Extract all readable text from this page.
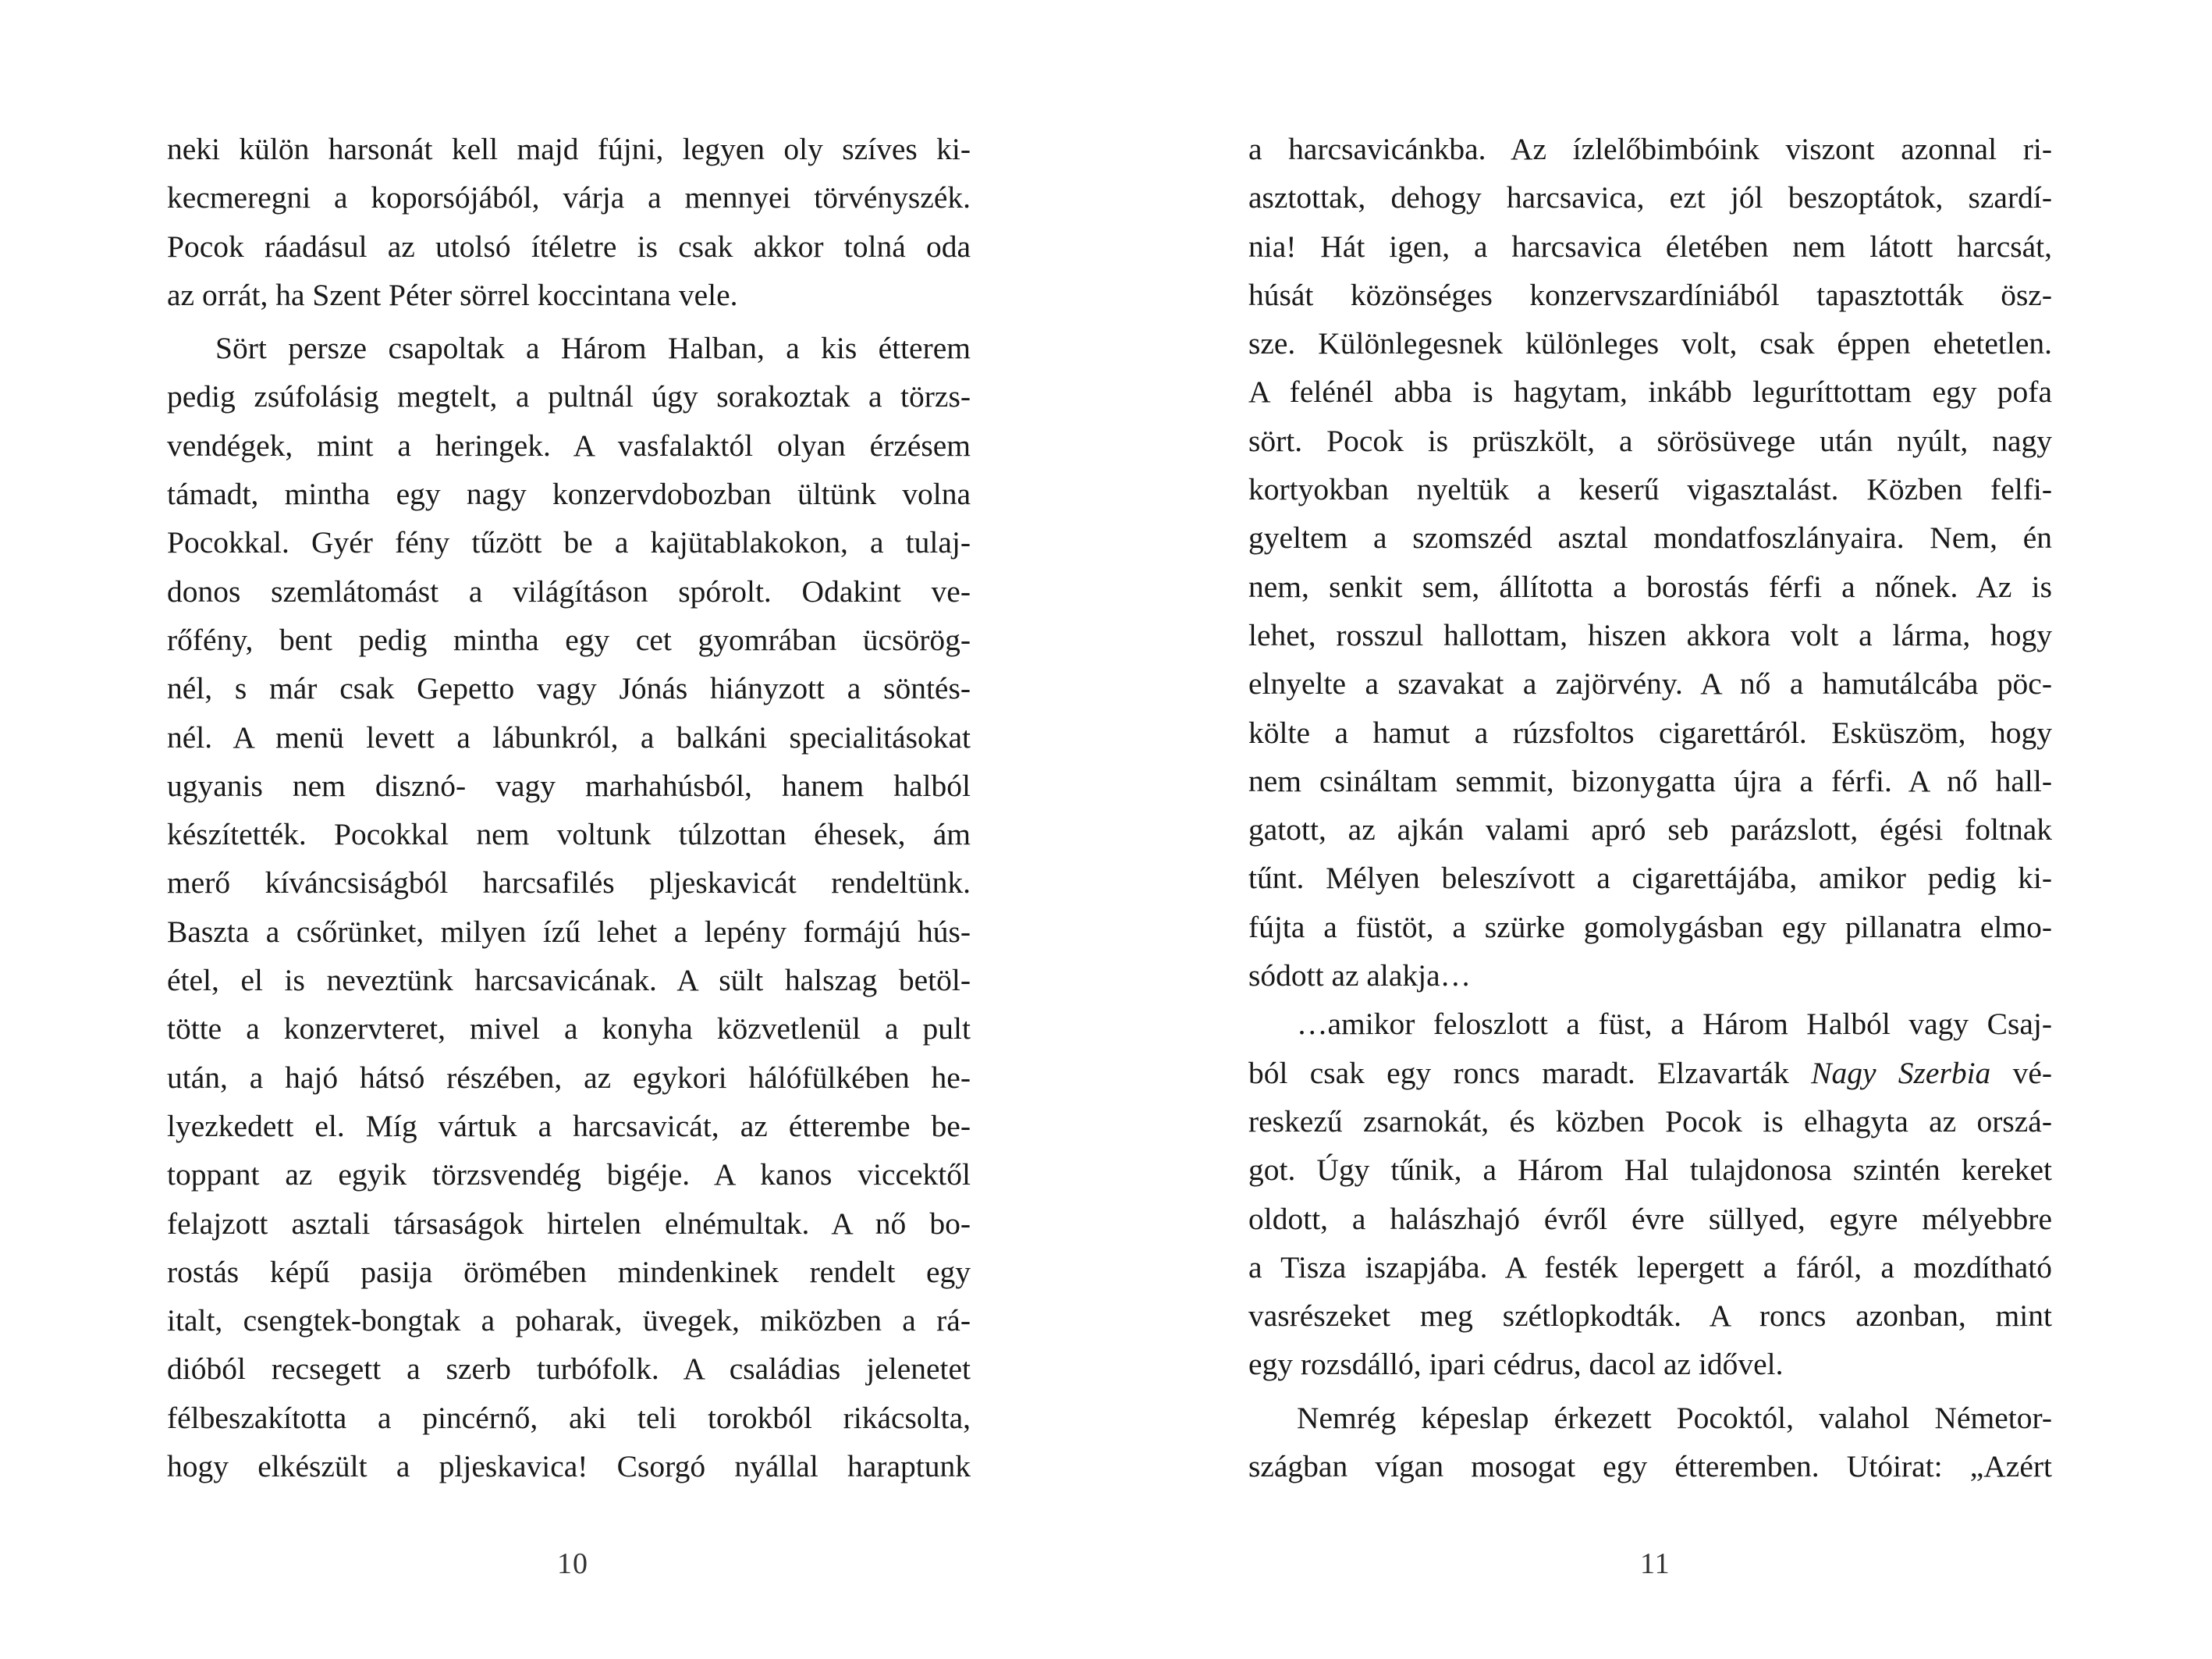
neki külön harsonát kell majd fújni, legyen oly szíves ki-
kecmeregni a koporsójából, várja a mennyei törvényszék.
Pocok ráadásul az utolsó ítéletre is csak akkor tolná oda
az orrát, ha Szent Péter sörrel koccintana vele.
Sört persze csapoltak a Három Halban, a kis étterem
pedig zsúfolásig megtelt, a pultnál úgy sorakoztak a törzs-
vendégek, mint a heringek. A vasfalaktól olyan érzésem
támadt, mintha egy nagy konzervdobozban ültünk volna
Pocokkal. Gyér fény tűzött be a kajütablakokon, a tulaj-
donos szemlátomást a világításon spórolt. Odakint ve-
rőfény, bent pedig mintha egy cet gyomrában ücsörög-
nél, s már csak Gepetto vagy Jónás hiányzott a söntés-
nél. A menü levett a lábunkról, a balkáni specialitásokat
ugyanis nem disznó- vagy marhahúsból, hanem halból
készítették. Pocokkal nem voltunk túlzottan éhesek, ám
merő kíváncsiságból harcsafilés pljeskavicát rendeltünk.
Baszta a csőrünket, milyen ízű lehet a lepény formájú hús-
étel, el is neveztünk harcsavicának. A sült halszag betöl-
tötte a konzervteret, mivel a konyha közvetlenül a pult
után, a hajó hátsó részében, az egykori hálófülkében he-
lyezkedett el. Míg vártuk a harcsavicát, az étterembe be-
toppant az egyik törzsvendég bigéje. A kanos viccektől
felajzott asztali társaságok hirtelen elnémultak. A nő bo-
rostás képű pasija örömében mindenkinek rendelt egy
italt, csengtek-bongtak a poharak, üvegek, miközben a rá-
dióból recsegett a szerb turbófolk. A családias jelenetet
félbeszakította a pincérnő, aki teli torokból rikácsolta,
hogy elkészült a pljeskavica! Csorgó nyállal haraptunk
10
a harcsavicánkba. Az ízlelőbimbóink viszont azonnal ri-
asztottak, dehogy harcsavica, ezt jól beszoptátok, szardí-
nia! Hát igen, a harcsavica életében nem látott harcsát,
húsát közönséges konzervszardíniából tapasztották ösz-
sze. Különlegesnek különleges volt, csak éppen ehetetlen.
A felénél abba is hagytam, inkább leguríttottam egy pofa
sört. Pocok is prüszkölt, a sörösüvege után nyúlt, nagy
kortyokban nyeltük a keserű vigasztalást. Közben felfi-
gyeltem a szomszéd asztal mondatfoszlányaira. Nem, én
nem, senkit sem, állította a borostás férfi a nőnek. Az is
lehet, rosszul hallottam, hiszen akkora volt a lárma, hogy
elnyelte a szavakat a zajörvény. A nő a hamutálcába pöc-
költe a hamut a rúzsfoltos cigarettáról. Esküszöm, hogy
nem csináltam semmit, bizonygatta újra a férfi. A nő hall-
gatott, az ajkán valami apró seb parázslott, égési foltnak
tűnt. Mélyen beleszívott a cigarettájába, amikor pedig ki-
fújta a füstöt, a szürke gomolygásban egy pillanatra elmo-
sódott az alakja…
…amikor feloszlott a füst, a Három Halból vagy Csaj-
ból csak egy roncs maradt. Elzavarták Nagy Szerbia vé-
reskezű zsarnokát, és közben Pocok is elhagyta az orszá-
got. Úgy tűnik, a Három Hal tulajdonosa szintén kereket
oldott, a halászhajó évről évre süllyed, egyre mélyebbre
a Tisza iszapjába. A festék lepergett a fáról, a mozdítható
vasrészeket meg szétlopkodták. A roncs azonban, mint
egy rozsdálló, ipari cédrus, dacol az idővel.
Nemrég képeslap érkezett Pocoktól, valahol Németor-
szágban vígan mosogat egy étteremben. Utóirat: „Azért
11
